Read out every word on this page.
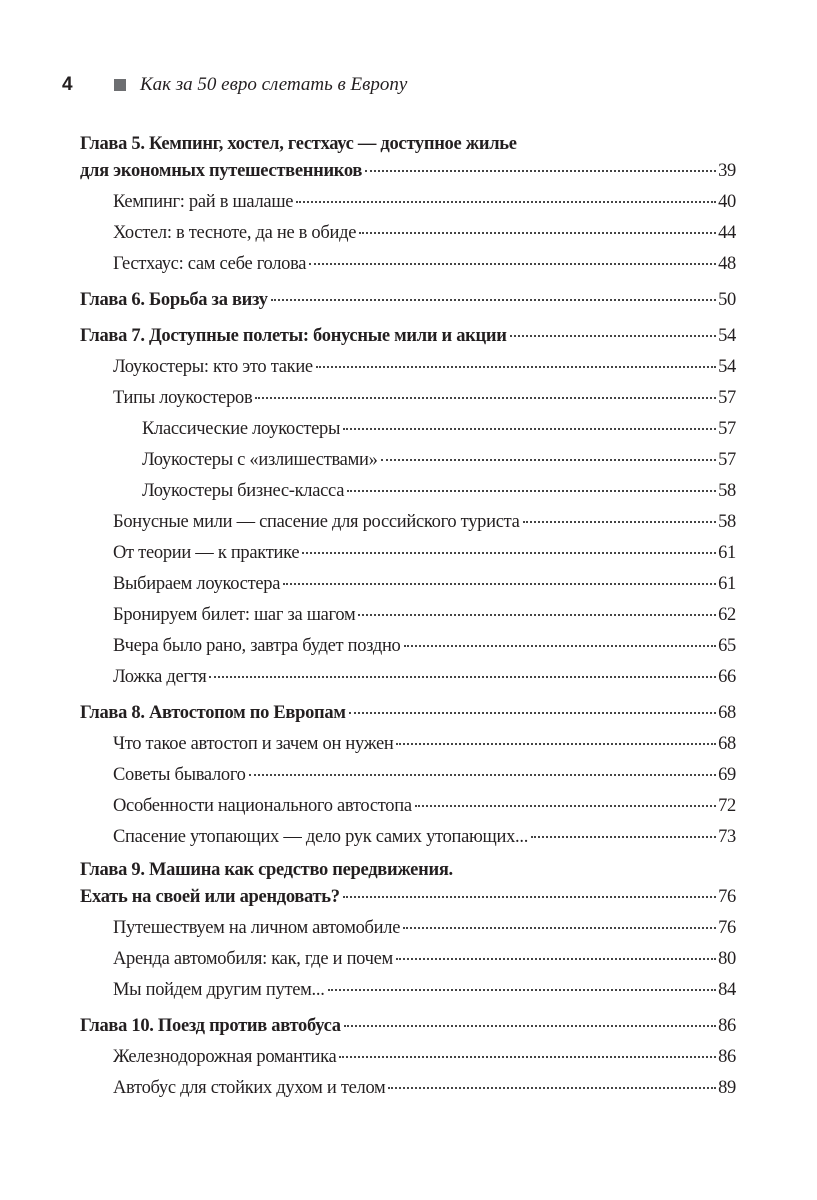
4	Как за 50 евро слетать в Европу
Глава 5. Кемпинг, хостел, гестхаус — доступное жилье
для экономных путешественников	39
Кемпинг: рай в шалаше	40
Хостел: в тесноте, да не в обиде	44
Гестхаус: сам себе голова	48
Глава 6. Борьба за визу	50
Глава 7. Доступные полеты: бонусные мили и акции	54
Лоукостеры: кто это такие	54
Типы лоукостеров	57
Классические лоукостеры	57
Лоукостеры с «излишествами»	57
Лоукостеры бизнес-класса	58
Бонусные мили — спасение для российского туриста	58
От теории — к практике	61
Выбираем лоукостера	61
Бронируем билет: шаг за шагом	62
Вчера было рано, завтра будет поздно	65
Ложка дегтя	66
Глава 8. Автостопом по Европам	68
Что такое автостоп и зачем он нужен	68
Советы бывалого	69
Особенности национального автостопа	72
Спасение утопающих — дело рук самих утопающих...	73
Глава 9. Машина как средство передвижения.
Ехать на своей или арендовать?	76
Путешествуем на личном автомобиле	76
Аренда автомобиля: как, где и почем	80
Мы пойдем другим путем...	84
Глава 10. Поезд против автобуса	86
Железнодорожная романтика	86
Автобус для стойких духом и телом	89
